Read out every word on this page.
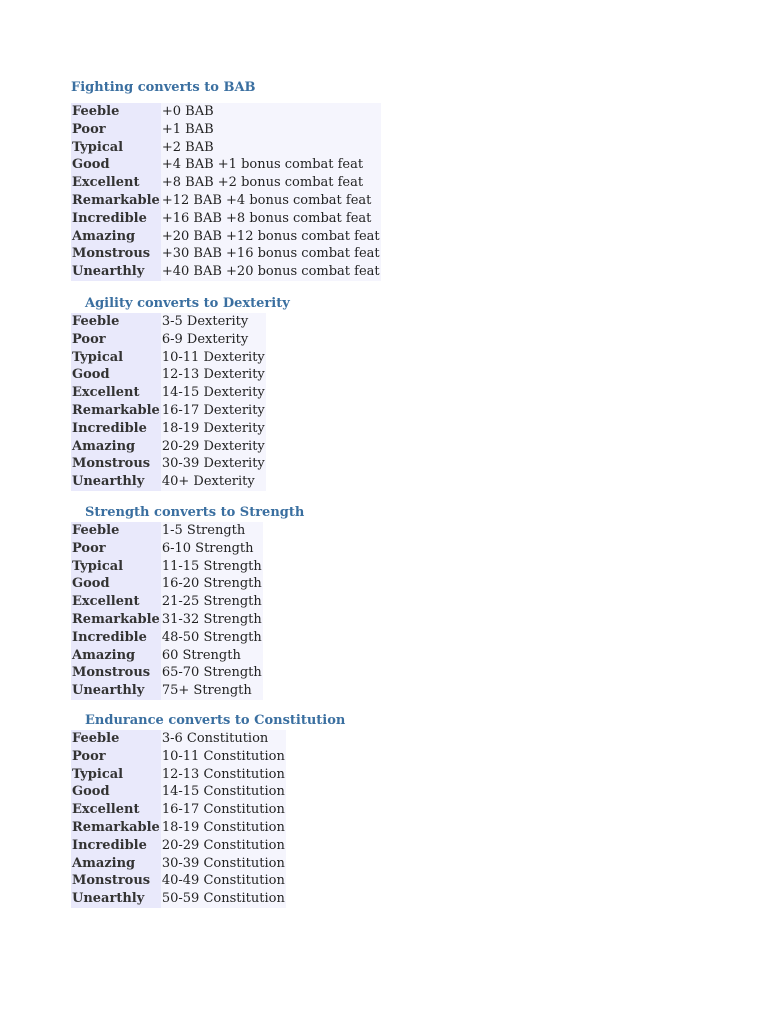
Fighting converts to BAB
Feeble	+0 BAB
Poor	+1 BAB
Typical	+2 BAB
Good	+4 BAB +1 bonus combat feat
Excellent	+8 BAB +2 bonus combat feat
Remarkable	+12 BAB +4 bonus combat feat
Incredible	+16 BAB +8 bonus combat feat
Amazing	+20 BAB +12 bonus combat feat
Monstrous	+30 BAB +16 bonus combat feat
Unearthly	+40 BAB +20 bonus combat feat
Agility converts to Dexterity
Feeble	3-5 Dexterity
Poor	6-9 Dexterity
Typical	10-11 Dexterity
Good	12-13 Dexterity
Excellent	14-15 Dexterity
Remarkable	16-17 Dexterity
Incredible	18-19 Dexterity
Amazing	20-29 Dexterity
Monstrous	30-39 Dexterity
Unearthly	40+ Dexterity
Strength converts to Strength
Feeble	1-5 Strength
Poor	6-10 Strength
Typical	11-15 Strength
Good	16-20 Strength
Excellent	21-25 Strength
Remarkable	31-32 Strength
Incredible	48-50 Strength
Amazing	60 Strength
Monstrous	65-70 Strength
Unearthly	75+ Strength
Endurance converts to Constitution
Feeble	3-6 Constitution
Poor	10-11 Constitution
Typical	12-13 Constitution
Good	14-15 Constitution
Excellent	16-17 Constitution
Remarkable	18-19 Constitution
Incredible	20-29 Constitution
Amazing	30-39 Constitution
Monstrous	40-49 Constitution
Unearthly	50-59 Constitution
